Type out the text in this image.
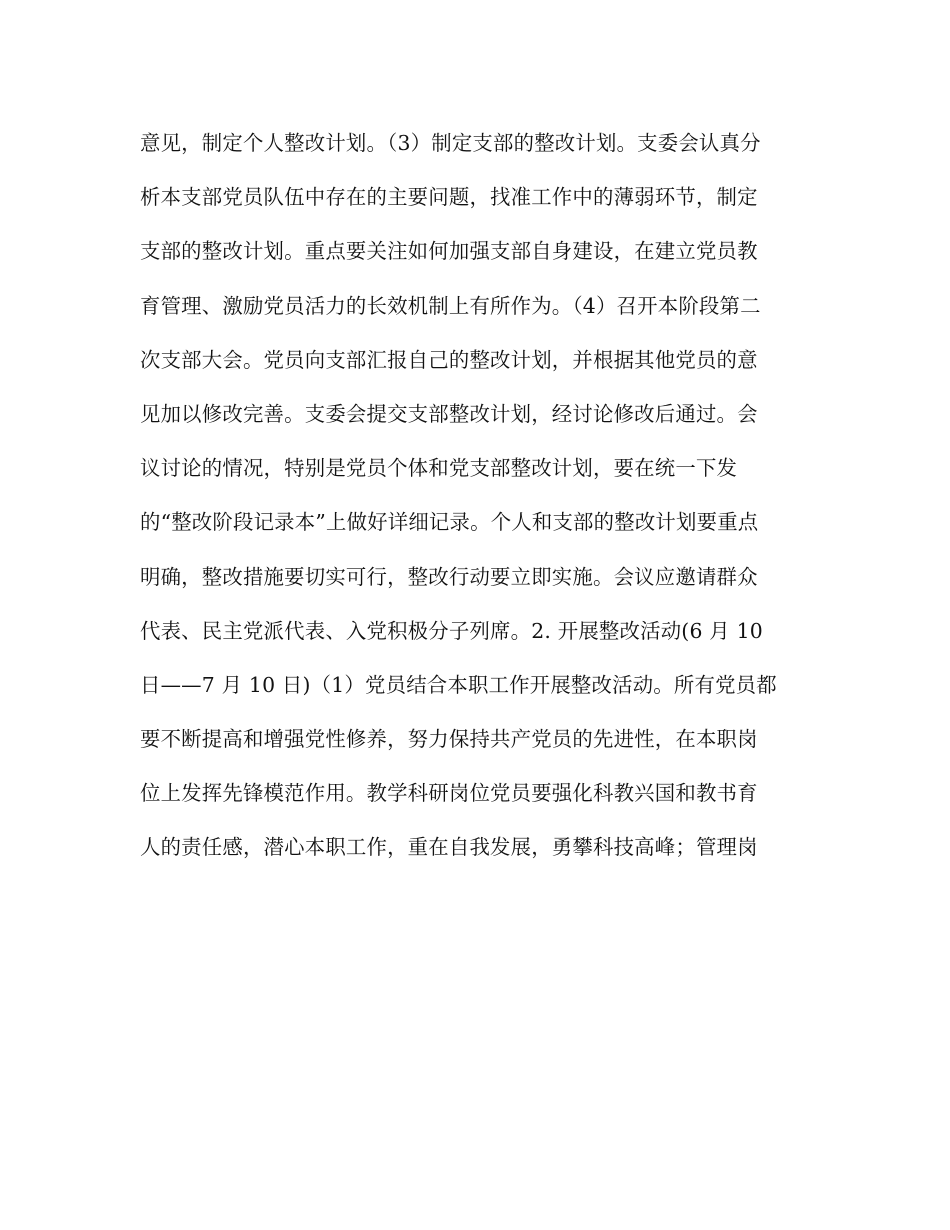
意见，制定个人整改计划。（3）制定支部的整改计划。支委会认真分
析本支部党员队伍中存在的主要问题，找准工作中的薄弱环节，制定
支部的整改计划。重点要关注如何加强支部自身建设，在建立党员教
育管理、激励党员活力的长效机制上有所作为。（4）召开本阶段第二
次支部大会。党员向支部汇报自己的整改计划，并根据其他党员的意
见加以修改完善。支委会提交支部整改计划，经讨论修改后通过。会
议讨论的情况，特别是党员个体和党支部整改计划，要在统一下发
的“整改阶段记录本”上做好详细记录。个人和支部的整改计划要重点
明确，整改措施要切实可行，整改行动要立即实施。会议应邀请群众
代表、民主党派代表、入党积极分子列席。2. 开展整改活动(6 月 10
日——7 月 10 日)（1）党员结合本职工作开展整改活动。所有党员都
要不断提高和增强党性修养，努力保持共产党员的先进性，在本职岗
位上发挥先锋模范作用。教学科研岗位党员要强化科教兴国和教书育
人的责任感，潜心本职工作，重在自我发展，勇攀科技高峰；管理岗
